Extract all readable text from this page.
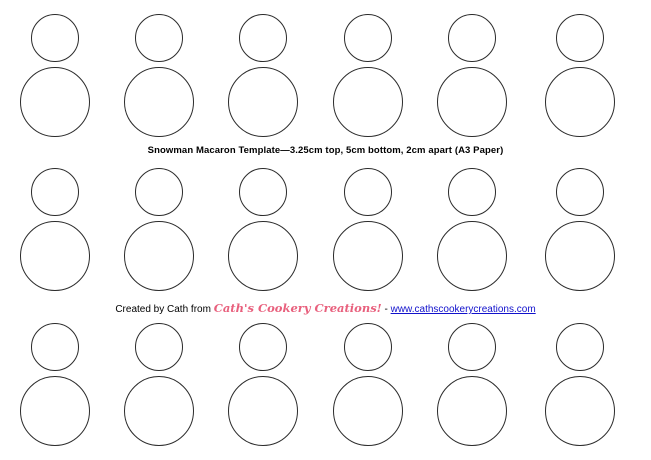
Snowman Macaron Template—3.25cm top, 5cm bottom, 2cm apart (A3 Paper)
Created by Cath from Cath's Cookery Creations! - www.cathscookerycreations.com
